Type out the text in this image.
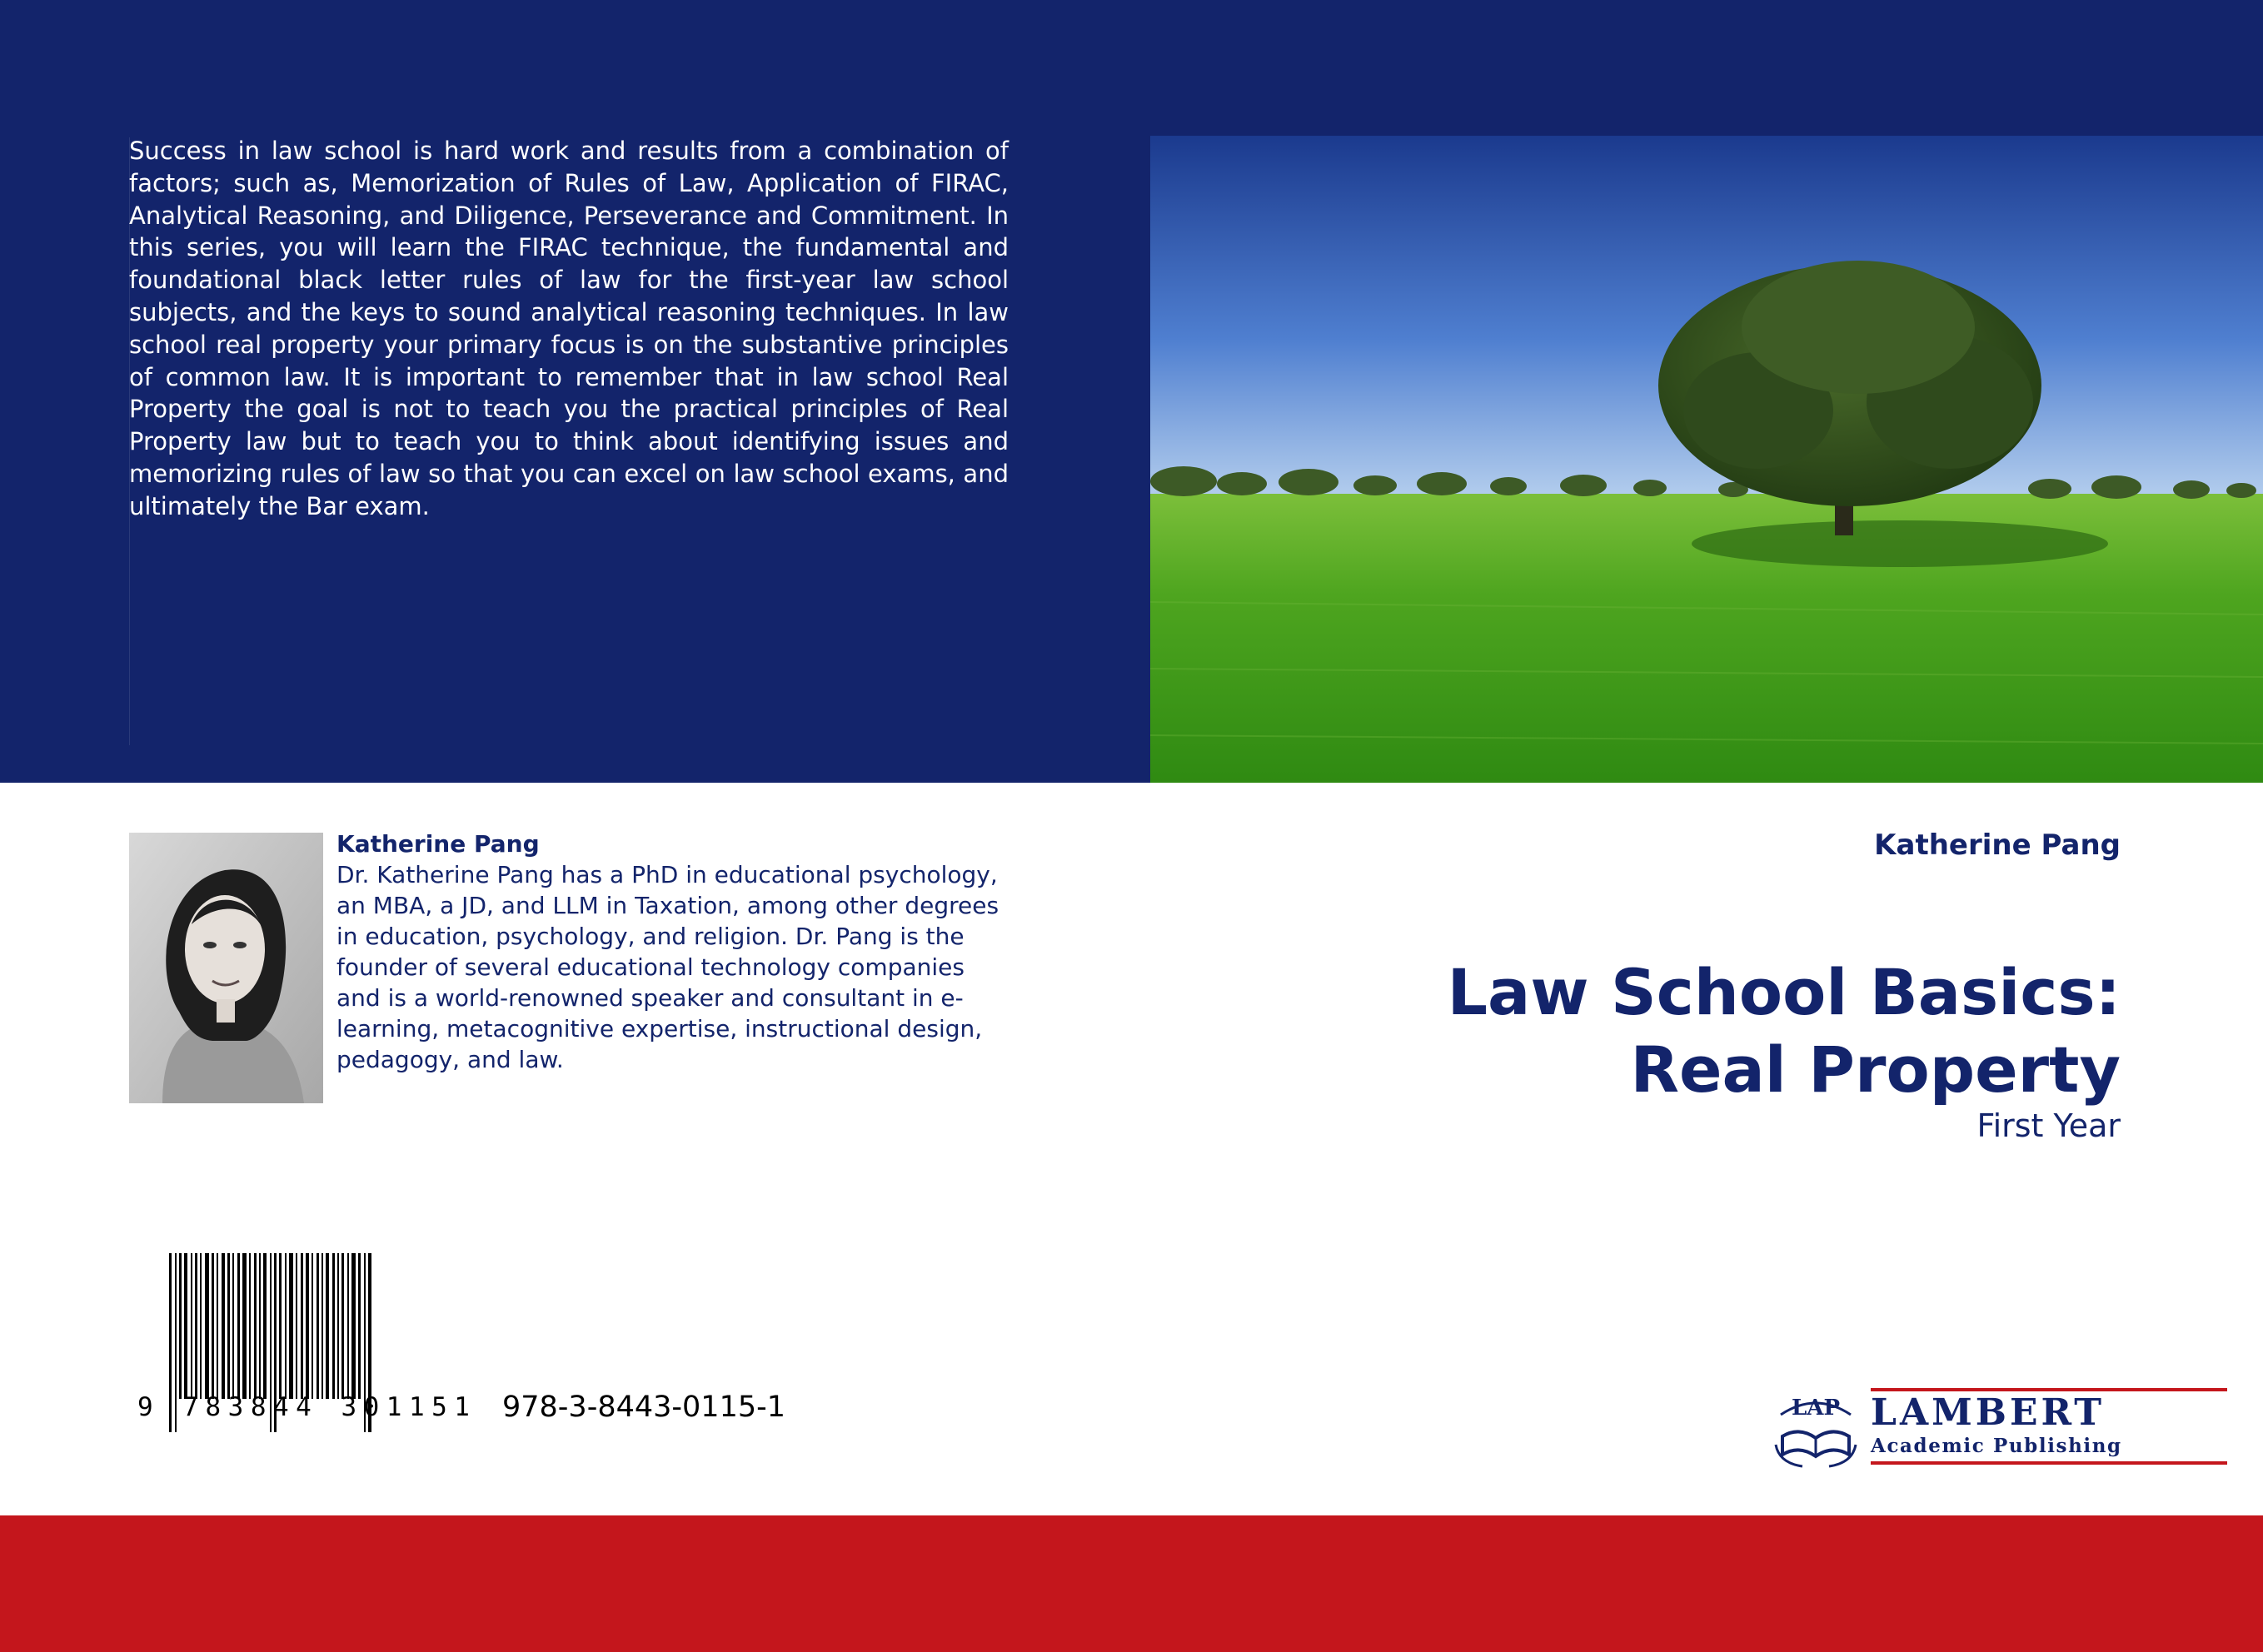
Success in law school is hard work and results from a combination of factors; such as, Memorization of Rules of Law, Application of FIRAC, Analytical Reasoning, and Diligence, Perseverance and Commitment. In this series, you will learn the FIRAC technique, the fundamental and foundational black letter rules of law for the first-year law school subjects, and the keys to sound analytical reasoning techniques. In law school real property your primary focus is on the substantive principles of common law. It is important to remember that in law school Real Property the goal is not to teach you the practical principles of Real Property law but to teach you to think about identifying issues and memorizing rules of law so that you can excel on law school exams, and ultimately the Bar exam.

Katherine Pang
Dr. Katherine Pang has a PhD in educational psychology, an MBA, a JD, and LLM in Taxation, among other degrees in education, psychology, and religion. Dr. Pang is the founder of several educational technology companies and is a world-renowned speaker and consultant in e-learning, metacognitive expertise, instructional design, pedagogy, and law.
Katherine Pang
Law School Basics:
Real Property
First Year
9 783844 301151 978-3-8443-0115-1	LAP LAMBERT
Academic Publishing
